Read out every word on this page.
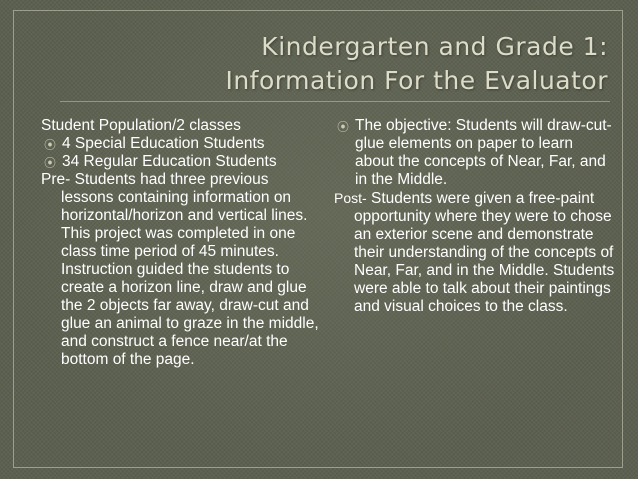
Kindergarten and Grade 1:
Information For the Evaluator

Student Population/2 classes

⦿ 4 Special Education Students

⦿ 34 Regular Education Students

Pre- Students had three previous lessons containing information on horizontal/horizon and vertical lines. This project was completed in one class time period of 45 minutes. Instruction guided the students to create a horizon line, draw and glue the 2 objects far away, draw-cut and glue an animal to graze in the middle, and construct a fence near/at the bottom of the page.

⦿ The objective: Students will draw-cut-glue elements on paper to learn about the concepts of Near, Far, and in the Middle.

Post- Students were given a free-paint opportunity where they were to chose an exterior scene and demonstrate their understanding of the concepts of Near, Far, and in the Middle. Students were able to talk about their paintings and visual choices to the class.
